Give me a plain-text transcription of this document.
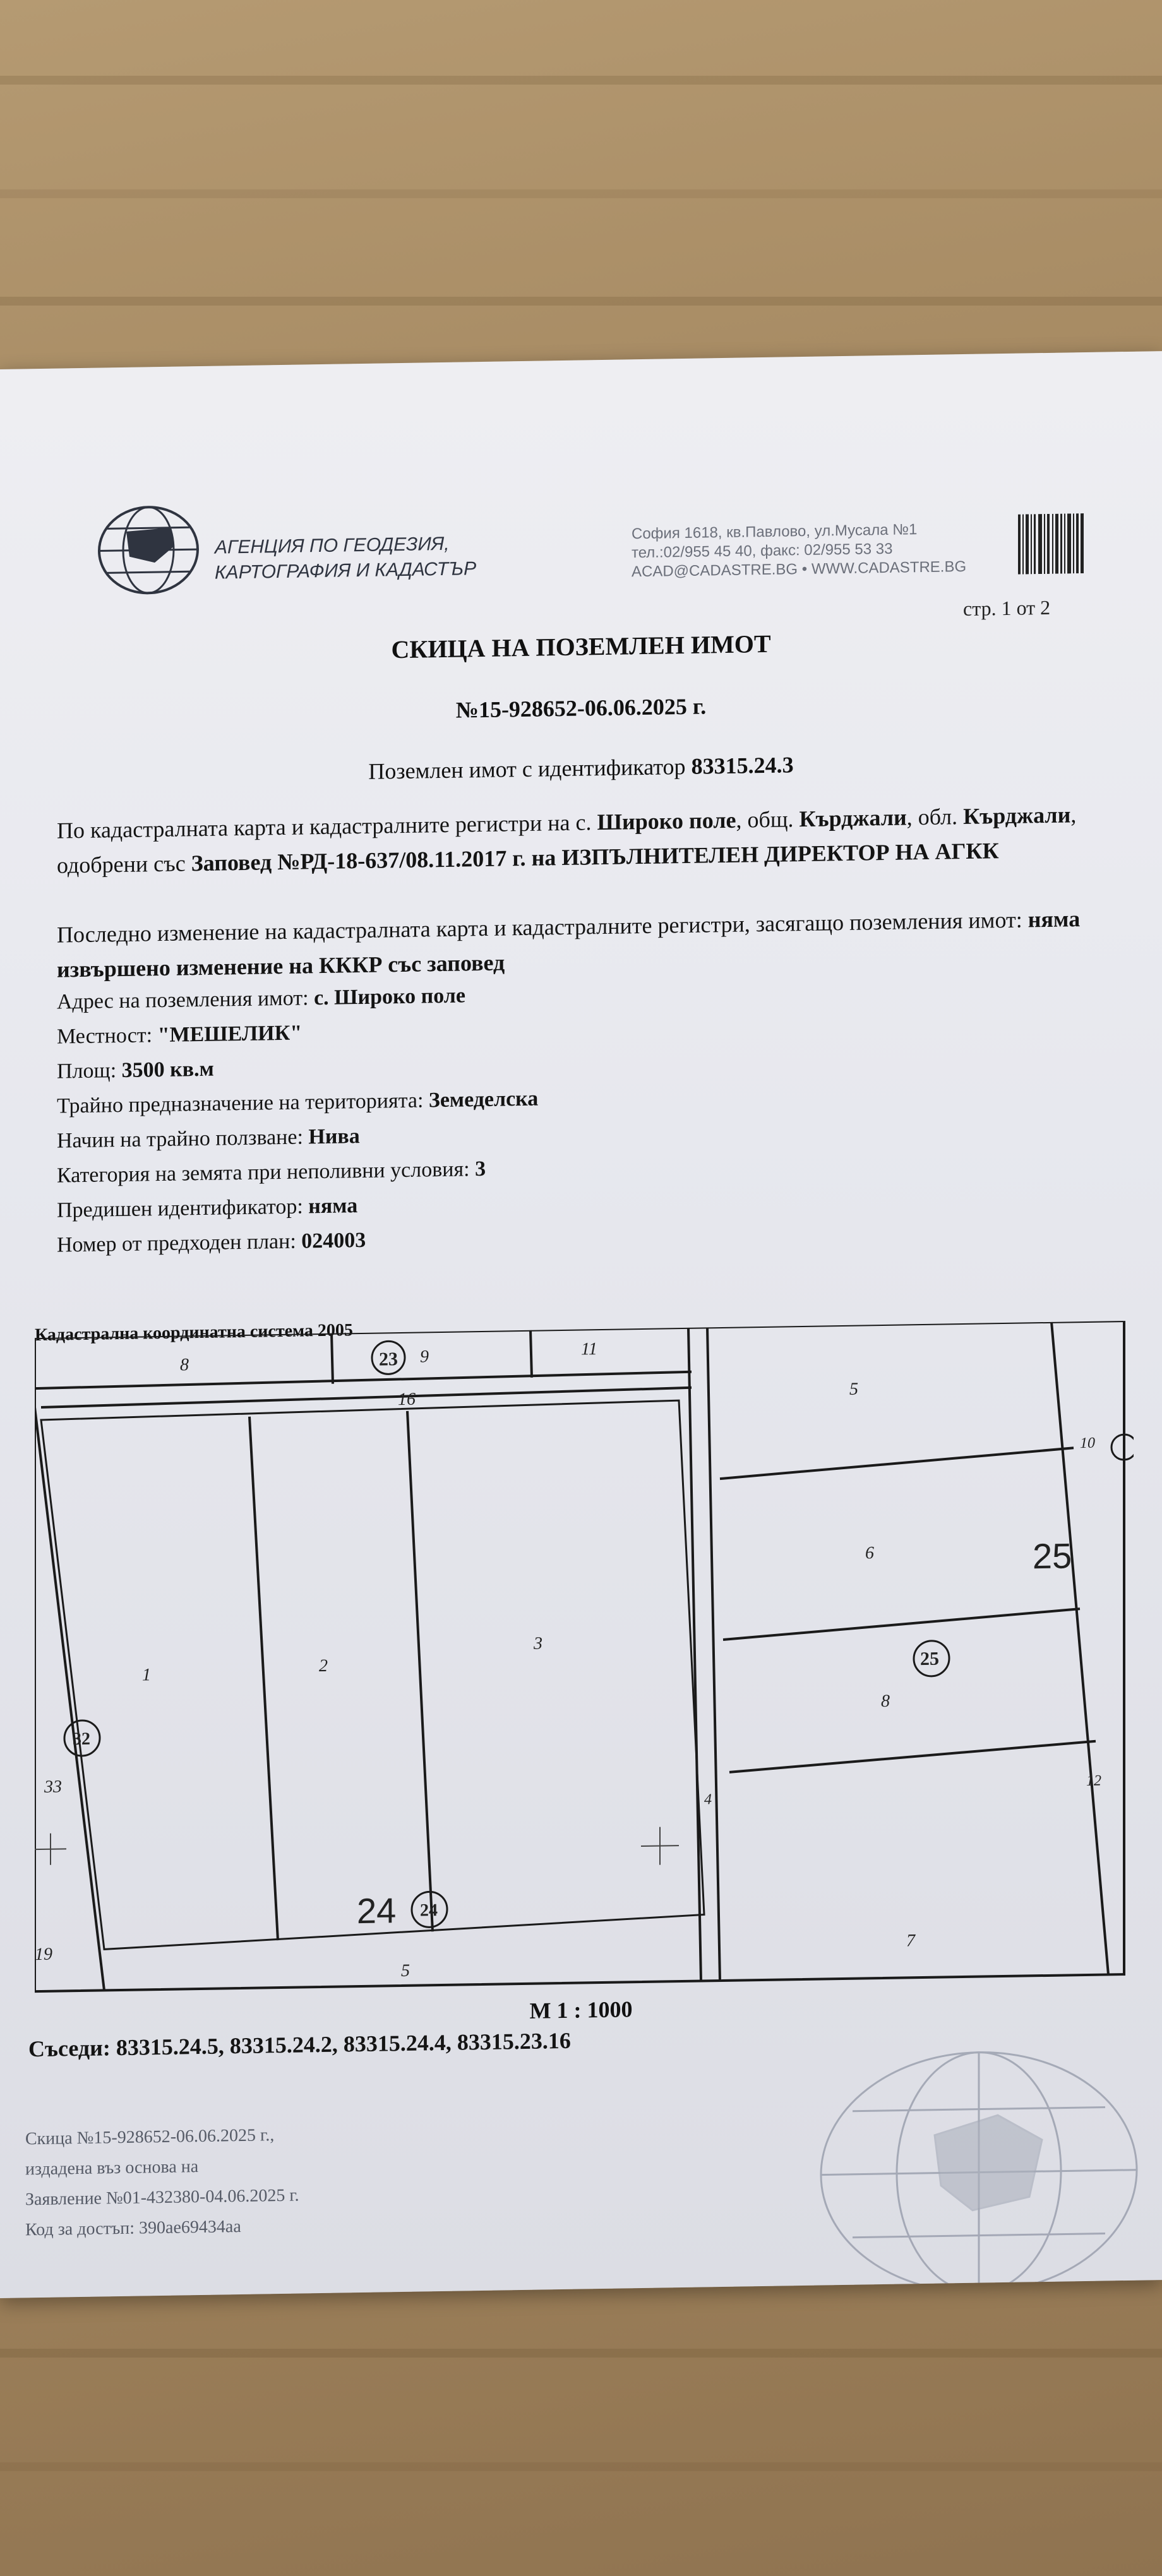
АГЕНЦИЯ ПО ГЕОДЕЗИЯ,
КАРТОГРАФИЯ И КАДАСТЪР
София 1618, кв.Павлово, ул.Мусала №1
тел.:02/955 45 40, факс: 02/955 53 33
ACAD@CADASTRE.BG • WWW.CADASTRE.BG
стр. 1 от 2
СКИЦА НА ПОЗЕМЛЕН ИМОТ
№15-928652-06.06.2025 г.
Поземлен имот с идентификатор 83315.24.3
По кадастралната карта и кадастралните регистри на с. Широко поле, общ. Кърджали, обл. Кърджали, одобрени със Заповед №РД-18-637/08.11.2017 г. на ИЗПЪЛНИТЕЛЕН ДИРЕКТОР НА АГКК
Последно изменение на кадастралната карта и кадастралните регистри, засягащо поземления имот: няма извършено изменение на КККР със заповед
Адрес на поземления имот: с. Широко поле
Местност: "МЕШЕЛИК"
Площ: 3500 кв.м
Трайно предназначение на територията: Земеделска
Начин на трайно ползване: Нива
Категория на земята при неполивни условия: 3
Предишен идентификатор: няма
Номер от предходен план: 024003
Кадастрална координатна система 2005
8	23 9	11
16
1	2
3
5
6
10
25
25
8
32
33
4
12
24 24
19
5
7
М 1 : 1000
Съседи: 83315.24.5, 83315.24.2, 83315.24.4, 83315.23.16
Скица №15-928652-06.06.2025 г.,
издадена въз основа на
Заявление №01-432380-04.06.2025 г.
Код за достъп: 390ae69434aa
